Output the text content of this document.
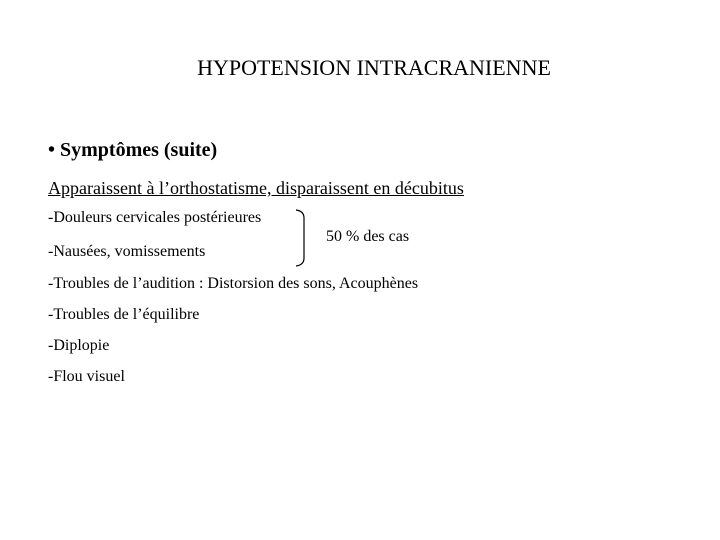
HYPOTENSION INTRACRANIENNE
• Symptômes (suite)
Apparaissent à l’orthostatisme, disparaissent en décubitus
-Douleurs cervicales postérieures
-Nausées, vomissements
-Troubles de l’audition : Distorsion des sons, Acouphènes
-Troubles de l’équilibre
-Diplopie
-Flou visuel
50 % des cas
